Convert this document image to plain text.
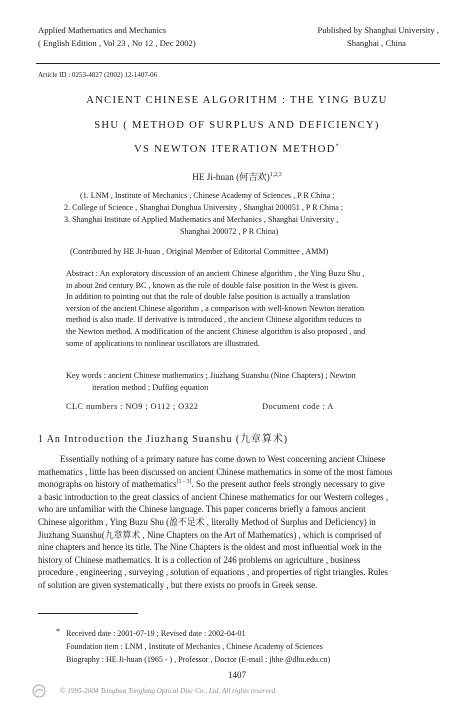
Applied Mathematics and Mechanics
( English Edition , Vol 23 , No 12 , Dec 2002)
Published by Shanghai University ,
Shanghai , China
Article ID : 0253-4827 (2002) 12-1407-06
ANCIENT CHINESE ALGORITHM : THE YING BUZU
SHU ( METHOD OF SURPLUS AND DEFICIENCY)
VS NEWTON ITERATION METHOD*
HE Ji-huan (何吉欢)$^{1,2,3}$
(1. LNM , Institute of Mechanics , Chinese Academy of Sciences , P R China ;
2. College of Science , Shanghai Donghua University , Shanghai 200051 , P R China ;
3. Shanghai Institute of Applied Mathematics and Mechanics , Shanghai University ,
Shanghai 200072 , P R China)
(Contributed by HE Ji-huan , Original Member of Editorial Committee , AMM)
Abstract : An exploratory discussion of an ancient Chinese algorithm , the Ying Buzu Shu ,
in about 2nd century BC , known as the rule of double false position in the West is given.
In addition to pointing out that the rule of double false position is actually a translation
version of the ancient Chinese algorithm , a comparison with well-known Newton iteration
method is also made. If derivative is introduced , the ancient Chinese algorithm reduces to
the Newton method. A modification of the ancient Chinese algorithm is also proposed , and
some of applications to nonlinear oscillators are illustrated.
Key words : ancient Chinese mathematics ; Jiuzhang Suanshu (Nine Chapters) ; Newton
iteration method ; Duffing equation
CLC numbers : NO9 ; O112 ; O322	Document code : A
1 An Introduction the Jiuzhang Suanshu (九章算术)
Essentially nothing of a primary nature has come down to West concerning ancient Chinese
mathematics , little has been discussed on ancient Chinese mathematics in some of the most famous
monographs on history of mathematics[1 - 3]. So the present author feels strongly necessary to give
a basic introduction to the great classics of ancient Chinese mathematics for our Western colleges ,
who are unfamiliar with the Chinese language. This paper concerns briefly a famous ancient
Chinese algorithm , Ying Buzu Shu (盈不足术 , literally Method of Surplus and Deficiency) in
Jiuzhang Suanshu(九章算术 , Nine Chapters on the Art of Mathematics) , which is comprised of
nine chapters and hence its title. The Nine Chapters is the oldest and most influential work in the
history of Chinese mathematics. It is a collection of 246 problems on agriculture , business
procedure , engineering , surveying , solution of equations , and properties of right triangles. Rules
of solution are given systematically , but there exists no proofs in Greek sense.
* Received date : 2001-07-19 ; Revised date : 2002-04-01
Foundation item : LNM , Institute of Mechanics , Chinese Academy of Sciences
Biography : HE Ji-huan (1965 - ) , Professor , Doctor (E-mail : jhhe @dhu.edu.cn)
1407
© 1995-2004 Tsinghua Tongfang Optical Disc Co., Ltd. All rights reserved.
